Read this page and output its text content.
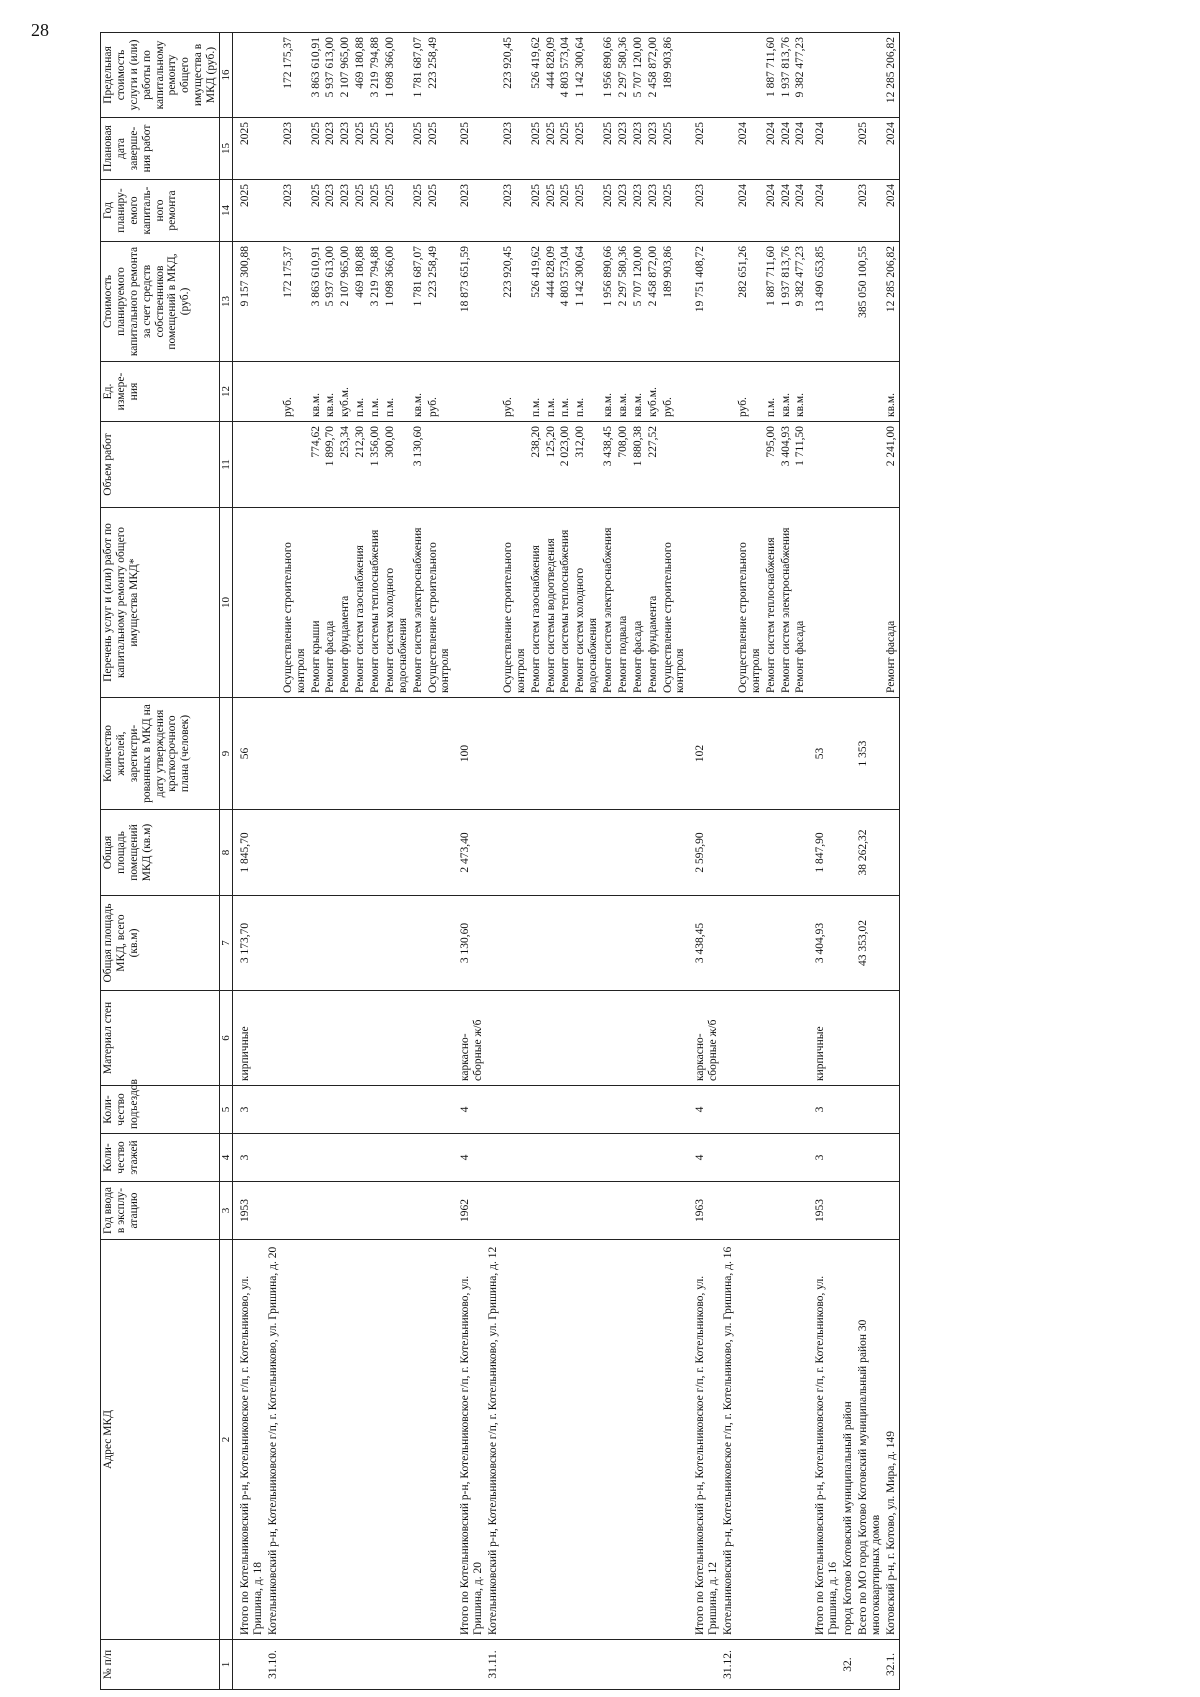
28
№ п/п	Адрес МКД	Год ввода в эксплу-атацию	Коли-чество этажей	Коли-чество подъездов	Материал стен	Общая площадь МКД, всего (кв.м)	Общая площадь помещений МКД (кв.м)	Количество жителей, зарегистри-рованных в МКД на дату утверждения краткосрочного плана (человек)	Перечень услуг и (или) работ по капитальному ремонту общего имущества МКД*	Объем работ	Ед. измере-ния	Стоимость планируемого капитального ремонта за счет средств собственников помещений в МКД, (руб.)	Год планиру-емого капиталь-ного ремонта	Плановая дата заверше-ния работ	Предельная стоимость услуги и (или) работы по капитальному ремонту общего имущества в МКД (руб.)
1	2	3	4	5	6	7	8	9	10	11	12	13	14	15	16
	Итого по Котельниковский р-н, Котельниковское г/п, г. Котельниково, ул. Гришина, д. 18	1953	3	3	кирпичные	3 173,70	1 845,70	56				9 157 300,88	2025	2025	
31.10.	Котельниковский р-н, Котельниковское г/п, г. Котельниково, ул. Гришина, д. 20														
									Осуществление строительного контроля		руб.	172 175,37	2023	2023	172 175,37
									Ремонт крыши	774,62	кв.м.	3 863 610,91	2025	2025	3 863 610,91
									Ремонт фасада	1 899,70	кв.м.	5 937 613,00	2023	2023	5 937 613,00
									Ремонт фундамента	253,34	куб.м.	2 107 965,00	2023	2023	2 107 965,00
									Ремонт систем газоснабжения	212,30	п.м.	469 180,88	2025	2025	469 180,88
									Ремонт системы теплоснабжения	1 356,00	п.м.	3 219 794,88	2025	2025	3 219 794,88
									Ремонт систем холодного водоснабжения	300,00	п.м.	1 098 366,00	2025	2025	1 098 366,00
									Ремонт систем электроснабжения	3 130,60	кв.м.	1 781 687,07	2025	2025	1 781 687,07
									Осуществление строительного контроля		руб.	223 258,49	2025	2025	223 258,49
	Итого по Котельниковский р-н, Котельниковское г/п, г. Котельниково, ул. Гришина, д. 20	1962	4	4	каркасно-сборные ж/б	3 130,60	2 473,40	100				18 873 651,59	2023	2025	
31.11.	Котельниковский р-н, Котельниковское г/п, г. Котельниково, ул. Гришина, д. 12														
									Осуществление строительного контроля		руб.	223 920,45	2023	2023	223 920,45
									Ремонт систем газоснабжения	238,20	п.м.	526 419,62	2025	2025	526 419,62
									Ремонт системы водоотведения	125,20	п.м.	444 828,09	2025	2025	444 828,09
									Ремонт системы теплоснабжения	2 023,00	п.м.	4 803 573,04	2025	2025	4 803 573,04
									Ремонт систем холодного водоснабжения	312,00	п.м.	1 142 300,64	2025	2025	1 142 300,64
									Ремонт систем электроснабжения	3 438,45	кв.м.	1 956 890,66	2025	2025	1 956 890,66
									Ремонт подвала	708,00	кв.м.	2 297 580,36	2023	2023	2 297 580,36
									Ремонт фасада	1 880,38	кв.м.	5 707 120,00	2023	2023	5 707 120,00
									Ремонт фундамента	227,52	куб.м.	2 458 872,00	2023	2023	2 458 872,00
									Осуществление строительного контроля		руб.	189 903,86	2025	2025	189 903,86
	Итого по Котельниковский р-н, Котельниковское г/п, г. Котельниково, ул. Гришина, д. 12	1963	4	4	каркасно-сборные ж/б	3 438,45	2 595,90	102				19 751 408,72	2023	2025	
31.12.	Котельниковский р-н, Котельниковское г/п, г. Котельниково, ул. Гришина, д. 16														
									Осуществление строительного контроля		руб.	282 651,26	2024	2024	
									Ремонт систем теплоснабжения	795,00	п.м.	1 887 711,60	2024	2024	1 887 711,60
									Ремонт систем электроснабжения	3 404,93	кв.м.	1 937 813,76	2024	2024	1 937 813,76
									Ремонт фасада	1 711,50	кв.м.	9 382 477,23	2024	2024	9 382 477,23
	Итого по Котельниковский р-н, Котельниковское г/п, г. Котельниково, ул. Гришина, д. 16	1953	3	3	кирпичные	3 404,93	1 847,90	53				13 490 653,85	2024	2024	
32.	город Котово Котовский муниципальный район														
	Всего по МО город Котово Котовский муниципальный район 30 многоквартирных домов					43 353,02	38 262,32	1 353				385 050 100,55	2023	2025	
32.1.	Котовский р-н, г. Котово, ул. Мира, д. 149								Ремонт фасада	2 241,00	кв.м.	12 285 206,82	2024	2024	12 285 206,82
